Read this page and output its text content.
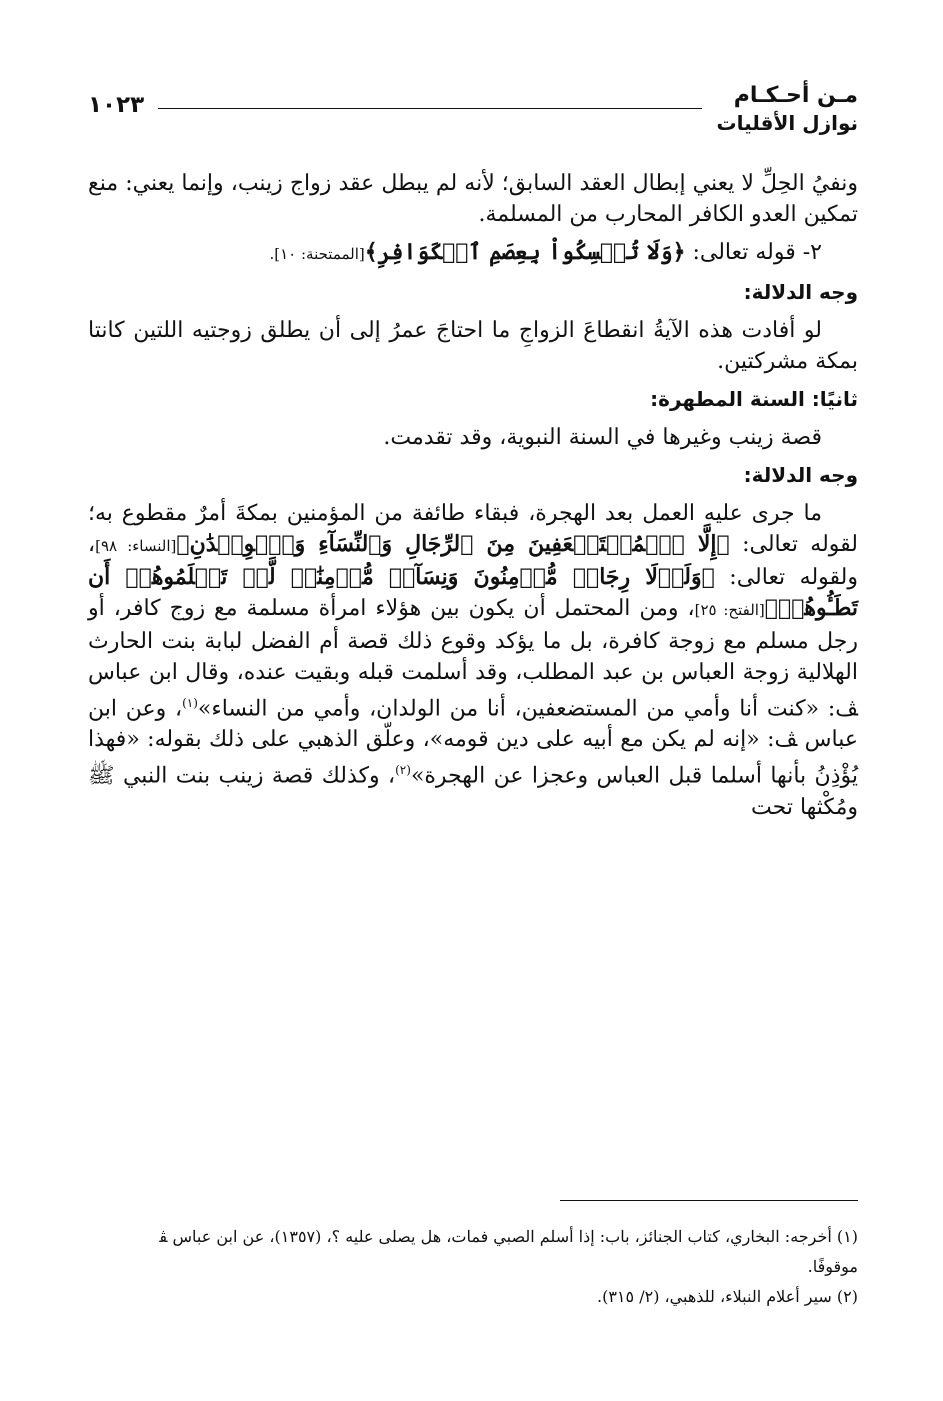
مـن أحـكـام
نوازل الأقليات
١٠٢٣

ونفيُ الحِلِّ لا يعني إبطال العقد السابق؛ لأنه لم يبطل عقد زواج زينب، وإنما يعني: منع تمكين العدو الكافر المحارب من المسلمة.

٢- قوله تعالى: ﴿وَلَا تُمۡسِكُواْ بِعِصَمِ ٱلۡكَوَافِرِ﴾[الممتحنة: ١٠].

وجه الدلالة:

لو أفادت هذه الآيةُ انقطاعَ الزواجِ ما احتاجَ عمرُ إلى أن يطلق زوجتيه اللتين كانتا بمكة مشركتين.

ثانيًا: السنة المطهرة:

قصة زينب وغيرها في السنة النبوية، وقد تقدمت.

وجه الدلالة:

ما جرى عليه العمل بعد الهجرة، فبقاء طائفة من المؤمنين بمكةَ أمرٌ مقطوع به؛ لقوله تعالى: ﴿إِلَّا ٱلۡمُسۡتَضۡعَفِينَ مِنَ ٱلرِّجَالِ وَٱلنِّسَآءِ وَٱلۡوِلۡدَٰنِ﴾[النساء: ٩٨]، ولقوله تعالى: ﴿وَلَوۡلَا رِجَالٞ مُّؤۡمِنُونَ وَنِسَآءٞ مُّؤۡمِنَٰتٞ لَّمۡ تَعۡلَمُوهُمۡ أَن تَطَـُٔوهُمۡ﴾[الفتح: ٢٥]، ومن المحتمل أن يكون بين هؤلاء امرأة مسلمة مع زوج كافر، أو رجل مسلم مع زوجة كافرة، بل ما يؤكد وقوع ذلك قصة أم الفضل لبابة بنت الحارث الهلالية زوجة العباس بن عبد المطلب، وقد أسلمت قبله وبقيت عنده، وقال ابن عباس ﭫ: «كنت أنا وأمي من المستضعفين، أنا من الولدان، وأمي من النساء»$^{(١)}$، وعن ابن عباس ﭫ: «إنه لم يكن مع أبيه على دين قومه»، وعلّق الذهبي على ذلك بقوله: «فهذا يُؤْذِنُ بأنها أسلما قبل العباس وعجزا عن الهجرة»$^{(٢)}$، وكذلك قصة زينب بنت النبي ﷺ ومُكْثها تحت

(١) أخرجه: البخاري، كتاب الجنائز، باب: إذا أسلم الصبي فمات، هل يصلى عليه ؟، (١٣٥٧)، عن ابن عباس ﭭ

موقوفًا.

(٢) سير أعلام النبلاء، للذهبي، (٢/ ٣١٥).
